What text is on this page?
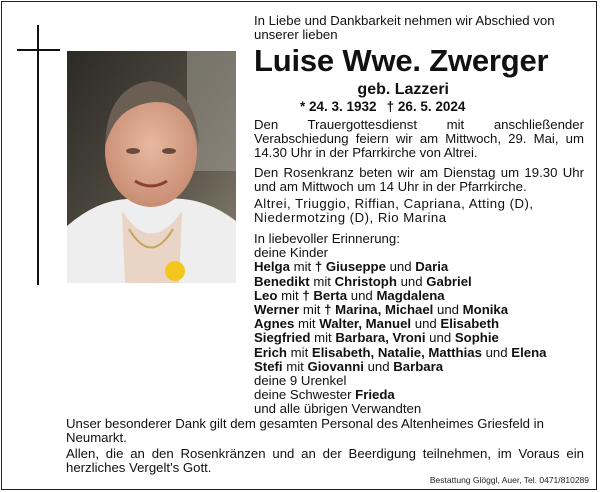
In Liebe und Dankbarkeit nehmen wir Abschied von unserer lieben
Luise Wwe. Zwerger
geb. Lazzeri
* 24. 3. 1932 † 26. 5. 2024
Den Trauergottesdienst mit anschließender Verabschiedung feiern wir am Mittwoch, 29. Mai, um 14.30 Uhr in der Pfarrkirche von Altrei.
Den Rosenkranz beten wir am Dienstag um 19.30 Uhr und am Mittwoch um 14 Uhr in der Pfarrkirche.
Altrei, Triuggio, Riffian, Capriana, Atting (D), Niedermotzing (D), Rio Marina
In liebevoller Erinnerung:
deine Kinder
Helga mit † Giuseppe und Daria
Benedikt mit Christoph und Gabriel
Leo mit † Berta und Magdalena
Werner mit † Marina, Michael und Monika
Agnes mit Walter, Manuel und Elisabeth
Siegfried mit Barbara, Vroni und Sophie
Erich mit Elisabeth, Natalie, Matthias und Elena
Stefi mit Giovanni und Barbara
deine 9 Urenkel
deine Schwester Frieda
und alle übrigen Verwandten
Unser besonderer Dank gilt dem gesamten Personal des Altenheimes Griesfeld in Neumarkt.
Allen, die an den Rosenkränzen und an der Beerdigung teilnehmen, im Voraus ein herzliches Vergelt's Gott.
Bestattung Glöggl, Auer, Tel. 0471/810289
